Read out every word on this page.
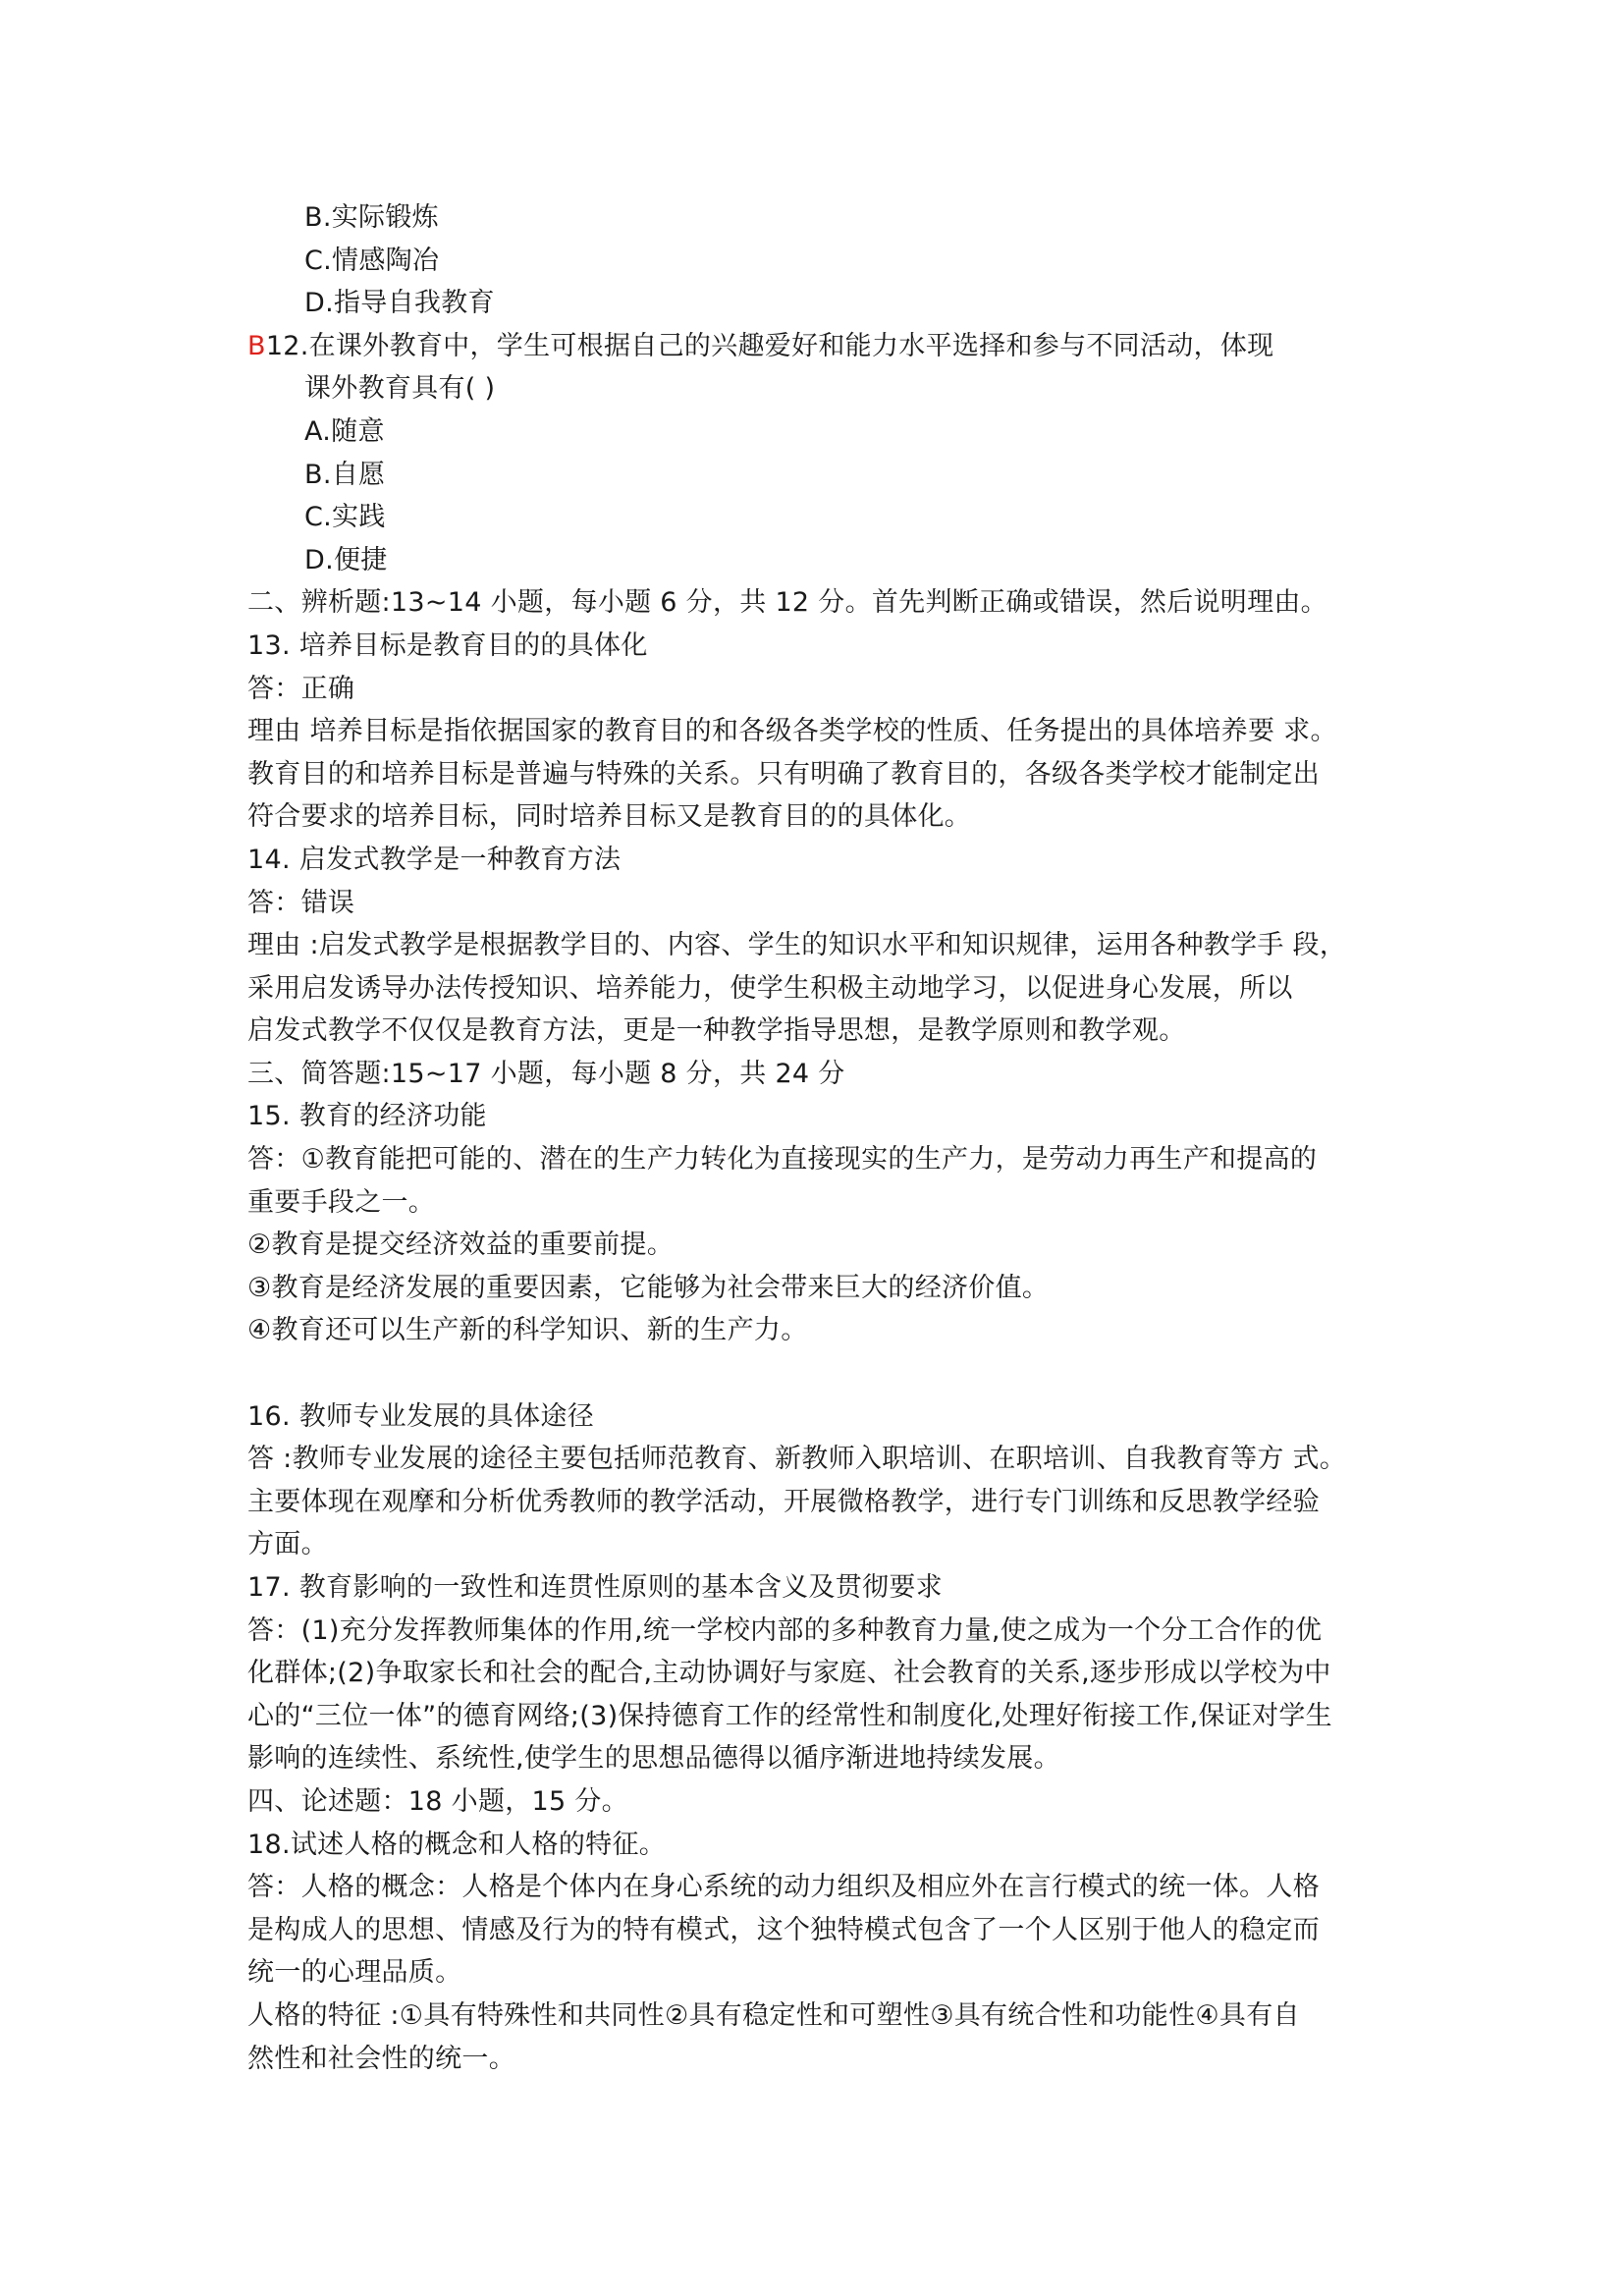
B.实际锻炼
C.情感陶冶
D.指导自我教育
B12.在课外教育中，学生可根据自己的兴趣爱好和能力水平选择和参与不同活动，体现
课外教育具有( )
A.随意
B.自愿
C.实践
D.便捷
二、辨析题:13~14 小题，每小题 6 分，共 12 分。首先判断正确或错误，然后说明理由。
13. 培养目标是教育目的的具体化
答：正确
理由 培养目标是指依据国家的教育目的和各级各类学校的性质、任务提出的具体培养要 求。
教育目的和培养目标是普遍与特殊的关系。只有明确了教育目的，各级各类学校才能制定出
符合要求的培养目标，同时培养目标又是教育目的的具体化。
14. 启发式教学是一种教育方法
答：错误
理由 :启发式教学是根据教学目的、内容、学生的知识水平和知识规律，运用各种教学手 段，
采用启发诱导办法传授知识、培养能力，使学生积极主动地学习，以促进身心发展，所以
启发式教学不仅仅是教育方法，更是一种教学指导思想，是教学原则和教学观。
三、简答题:15~17 小题，每小题 8 分，共 24 分
15. 教育的经济功能
答：①教育能把可能的、潜在的生产力转化为直接现实的生产力，是劳动力再生产和提高的
重要手段之一。
②教育是提交经济效益的重要前提。
③教育是经济发展的重要因素，它能够为社会带来巨大的经济价值。
④教育还可以生产新的科学知识、新的生产力。
16. 教师专业发展的具体途径
答 :教师专业发展的途径主要包括师范教育、新教师入职培训、在职培训、自我教育等方 式。
主要体现在观摩和分析优秀教师的教学活动，开展微格教学，进行专门训练和反思教学经验
方面。
17. 教育影响的一致性和连贯性原则的基本含义及贯彻要求
答：(1)充分发挥教师集体的作用,统一学校内部的多种教育力量,使之成为一个分工合作的优
化群体;(2)争取家长和社会的配合,主动协调好与家庭、社会教育的关系,逐步形成以学校为中
心的“三位一体”的德育网络;(3)保持德育工作的经常性和制度化,处理好衔接工作,保证对学生
影响的连续性、系统性,使学生的思想品德得以循序渐进地持续发展。
四、论述题：18 小题，15 分。
18.试述人格的概念和人格的特征。
答：人格的概念：人格是个体内在身心系统的动力组织及相应外在言行模式的统一体。人格
是构成人的思想、情感及行为的特有模式，这个独特模式包含了一个人区别于他人的稳定而
统一的心理品质。
人格的特征 :①具有特殊性和共同性②具有稳定性和可塑性③具有统合性和功能性④具有自
然性和社会性的统一。
